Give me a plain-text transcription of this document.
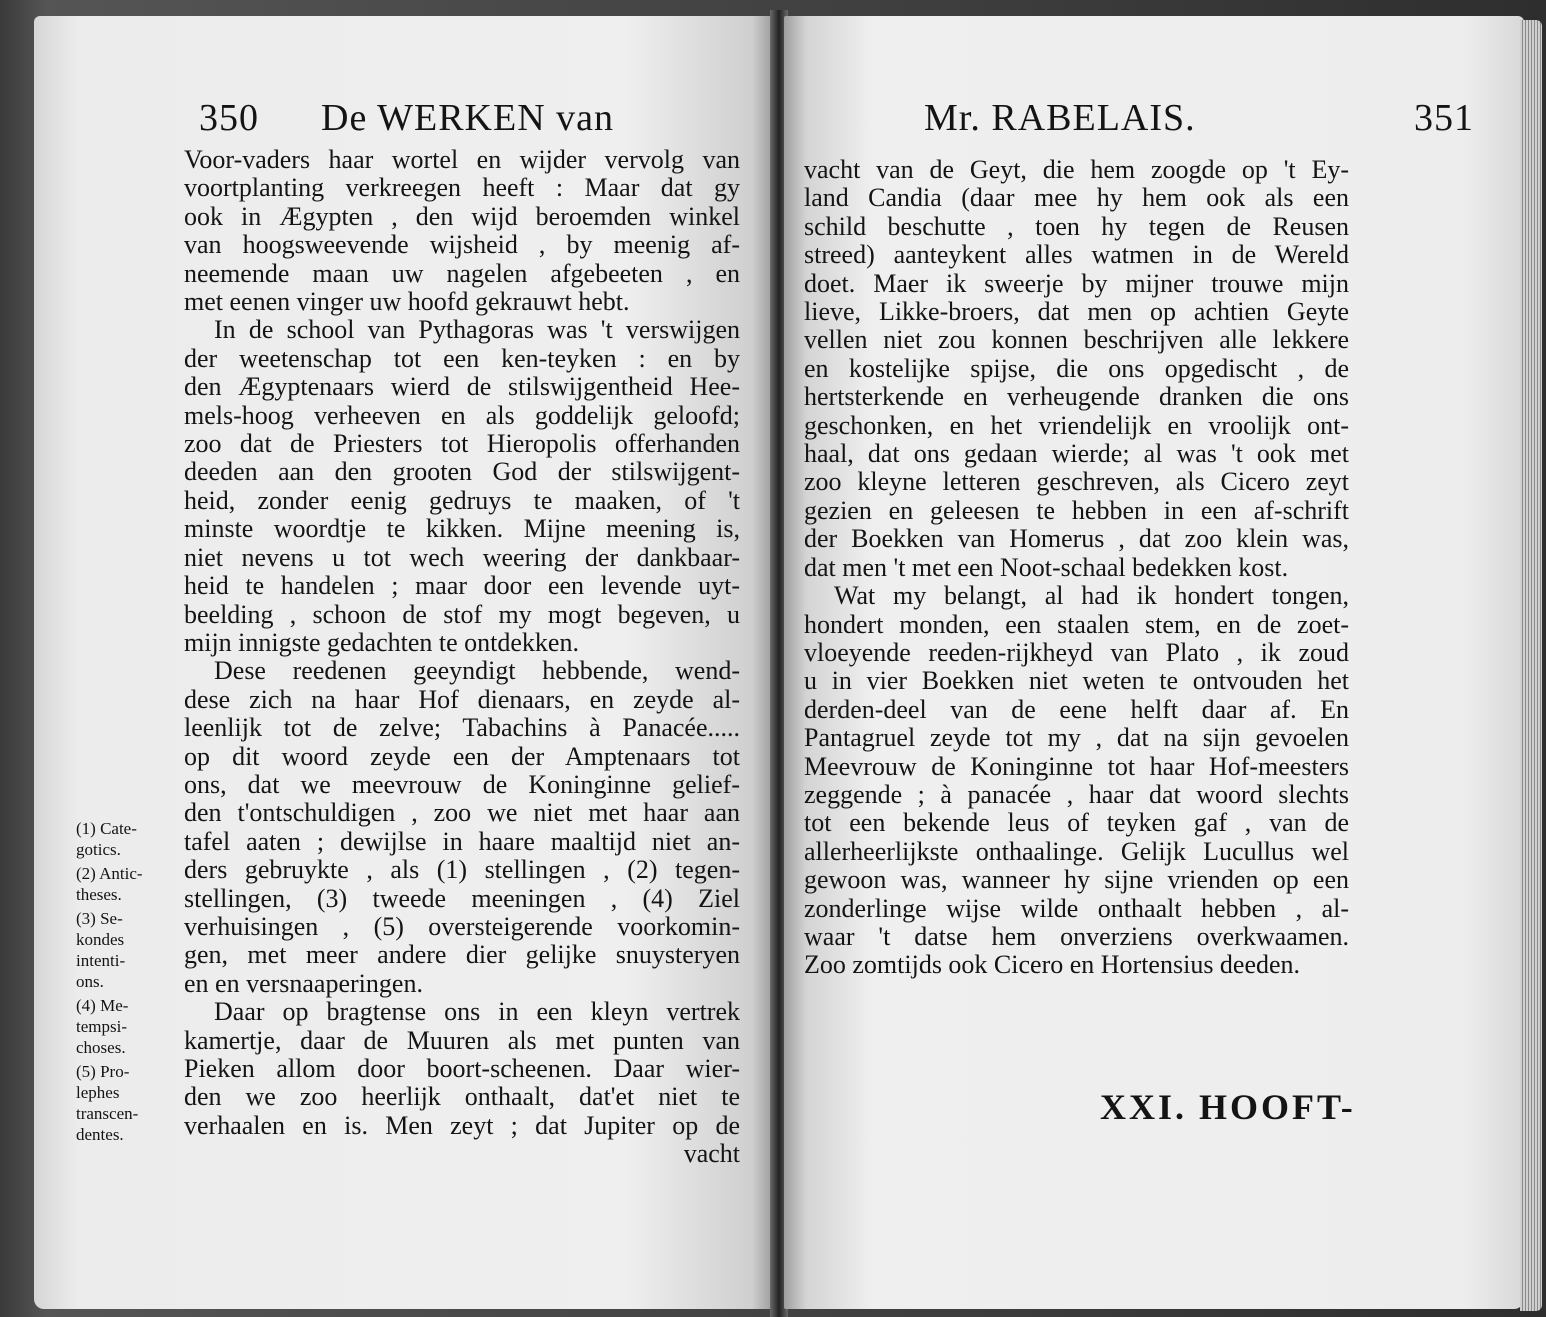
350 De WERKEN van
Voor-vaders haar wortel en wijder vervolg van
voortplanting verkreegen heeft : Maar dat gy
ook in Ægypten , den wijd beroemden winkel
van hoogsweevende wijsheid , by meenig af-
neemende maan uw nagelen afgebeeten , en
met eenen vinger uw hoofd gekrauwt hebt.
In de school van Pythagoras was 't verswijgen
der weetenschap tot een ken-teyken : en by
den Ægyptenaars wierd de stilswijgentheid Hee-
mels-hoog verheeven en als goddelijk geloofd;
zoo dat de Priesters tot Hieropolis offerhanden
deeden aan den grooten God der stilswijgent-
heid, zonder eenig gedruys te maaken, of 't
minste woordtje te kikken. Mijne meening is,
niet nevens u tot wech weering der dankbaar-
heid te handelen ; maar door een levende uyt-
beelding , schoon de stof my mogt begeven, u
mijn innigste gedachten te ontdekken.
Dese reedenen geeyndigt hebbende, wend-
dese zich na haar Hof dienaars, en zeyde al-
leenlijk tot de zelve; Tabachins à Panacée.....
op dit woord zeyde een der Amptenaars tot
ons, dat we meevrouw de Koninginne gelief-
den t'ontschuldigen , zoo we niet met haar aan
tafel aaten ; dewijlse in haare maaltijd niet an-
ders gebruykte , als (1) stellingen , (2) tegen-
stellingen, (3) tweede meeningen , (4) Ziel
verhuisingen , (5) oversteigerende voorkomin-
gen, met meer andere dier gelijke snuysteryen
en en versnaaperingen.
Daar op bragtense ons in een kleyn vertrek
kamertje, daar de Muuren als met punten van
Pieken allom door boort-scheenen. Daar wier-
den we zoo heerlijk onthaalt, dat'et niet te
verhaalen en is. Men zeyt ; dat Jupiter op de
vacht
(1) Cate-
gotics.
(2) Antic-
theses.
(3) Se-
kondes
intenti-
ons.
(4) Me-
tempsi-
choses.
(5) Pro-
lephes
transcen-
dentes.
Mr. RABELAIS.	351
vacht van de Geyt, die hem zoogde op 't Ey-
land Candia (daar mee hy hem ook als een
schild beschutte , toen hy tegen de Reusen
streed) aanteykent alles watmen in de Wereld
doet. Maer ik sweerje by mijner trouwe mijn
lieve, Likke-broers, dat men op achtien Geyte
vellen niet zou konnen beschrijven alle lekkere
en kostelijke spijse, die ons opgedischt , de
hertsterkende en verheugende dranken die ons
geschonken, en het vriendelijk en vroolijk ont-
haal, dat ons gedaan wierde; al was 't ook met
zoo kleyne letteren geschreven, als Cicero zeyt
gezien en geleesen te hebben in een af-schrift
der Boekken van Homerus , dat zoo klein was,
dat men 't met een Noot-schaal bedekken kost.
Wat my belangt, al had ik hondert tongen,
hondert monden, een staalen stem, en de zoet-
vloeyende reeden-rijkheyd van Plato , ik zoud
u in vier Boekken niet weten te ontvouden het
derden-deel van de eene helft daar af. En
Pantagruel zeyde tot my , dat na sijn gevoelen
Meevrouw de Koninginne tot haar Hof-meesters
zeggende ; à panacée , haar dat woord slechts
tot een bekende leus of teyken gaf , van de
allerheerlijkste onthaalinge. Gelijk Lucullus wel
gewoon was, wanneer hy sijne vrienden op een
zonderlinge wijse wilde onthaalt hebben , al-
waar 't datse hem onverziens overkwaamen.
Zoo zomtijds ook Cicero en Hortensius deeden.
XXI. HOOFT-
